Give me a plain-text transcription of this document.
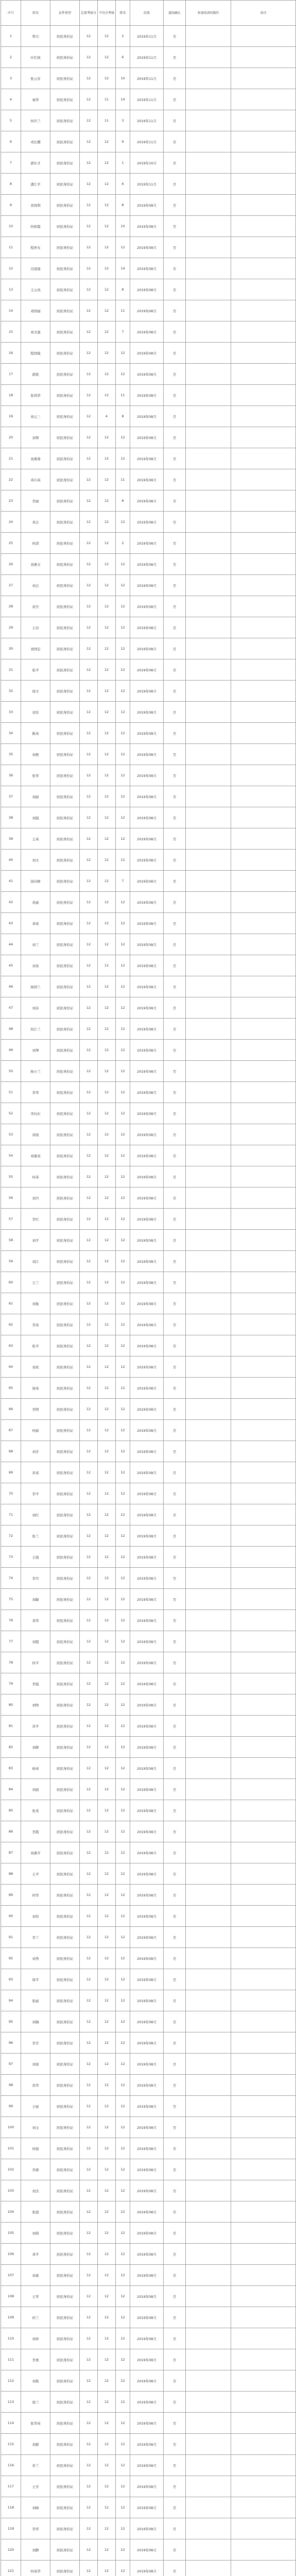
序号	姓名	证件类型	总量考核分	平均分考核	排名	结果	通知确认	参加培训的操作	备注
1	曾兴	居民身份证	12	12	2	2019年11月	否		
2	仕红坡	居民身份证	12	12	6	2019年11月	否		
3	张云安	居民身份证	12	12	10	2019年11月	否		
4	秦华	居民身份证	12	11	14	2019年11月	否		
5	何庆兰	居民身份证	12	11	3	2019年11月	否		
6	邓长樱	居民身份证	12	12	9	2019年11月	否		
7	郭仕才	居民身份证	12	12	1	2019年10月	否		
8	潘江平	居民身份证	12	12	6	2019年11月	否		
9	黄国利	居民身份证	12	12	8	2019年08月	否		
10	何炜霞	居民身份证	12	12	10	2019年08月	否		
11	程仲友	居民身份证	12	12	12	2019年08月	否		
12	冯凌强	居民身份证	12	12	14	2019年08月	否		
13	王云凤	居民身份证	12	12	8	2019年08月	否		
14	邓国丽	居民身份证	12	12	11	2019年08月	否		
15	刘文强	居民身份证	12	12	7	2019年08月	否		
16	程国强	居民身份证	12	12	12	2019年08月	否		
17	郭艳	居民身份证	12	12	12	2019年08月	否		
18	张利华	居民身份证	12	12	11	2019年08月	否		
19	刘元三	居民身份证	12	4	8	2019年08月	否		
20	刘翠	居民身份证	12	12	12	2019年08月	否		
21	刘燕蓉	居民身份证	12	12	12	2019年08月	否		
22	邓巧英	居民身份证	12	12	11	2019年08月	否		
23	李丽	居民身份证	12	12	8	2019年08月	否		
24	邓会	居民身份证	12	12	12	2019年08月	否		
25	何清	居民身份证	12	12	2	2019年08月	否		
26	刘燕文	居民身份证	12	12	12	2019年08月	否		
27	刘会	居民身份证	12	12	12	2019年08月	否		
28	黄丹	居民身份证	12	12	12	2019年08月	否		
29	王春	居民身份证	12	12	12	2019年08月	否		
30	刘国宏	居民身份证	12	12	12	2019年08月	否		
31	张平	居民身份证	12	12	12	2019年08月	否		
32	周文	居民身份证	12	12	12	2019年08月	否		
33	刘安	居民身份证	12	12	12	2019年08月	否		
34	陈英	居民身份证	12	12	12	2019年08月	否		
35	刘燕	居民身份证	12	12	12	2019年08月	否		
36	张华	居民身份证	12	12	12	2019年08月	否		
37	刘丽	居民身份证	12	12	12	2019年08月	否		
38	刘强	居民身份证	12	12	12	2019年08月	否		
39	王英	居民身份证	12	12	12	2019年08月	否		
40	刘文	居民身份证	12	12	12	2019年08月	否		
41	徐向辉	居民身份证	12	12	7	2019年08月	否		
42	黄丽	居民身份证	12	12	12	2019年08月	否		
43	邓英	居民身份证	12	12	12	2019年08月	否		
44	刘兰	居民身份证	12	12	12	2019年08月	否		
45	刘英	居民身份证	12	12	12	2019年08月	否		
46	杨国兰	居民身份证	12	12	12	2019年08月	否		
47	刘春	居民身份证	12	12	12	2019年08月	否		
48	何江兰	居民身份证	12	12	12	2019年08月	否		
49	刘琴	居民身份证	12	12	12	2019年08月	否		
50	杨小兰	居民身份证	12	12	12	2019年08月	否		
51	李华	居民身份证	12	12	12	2019年08月	否		
52	李向东	居民身份证	12	12	12	2019年08月	否		
53	黄晓	居民身份证	12	12	12	2019年08月	否		
54	刘燕英	居民身份证	12	12	12	2019年08月	否		
55	何英	居民身份证	12	12	12	2019年08月	否		
56	刘丹	居民身份证	12	12	12	2019年08月	否		
57	李红	居民身份证	12	12	12	2019年08月	否		
58	刘平	居民身份证	12	12	12	2019年08月	否		
59	刘江	居民身份证	12	12	12	2019年08月	否		
60	王兰	居民身份证	12	12	12	2019年08月	否		
61	刘俊	居民身份证	12	12	12	2019年08月	否		
62	李英	居民身份证	12	12	12	2019年08月	否		
63	张平	居民身份证	12	12	12	2019年08月	否		
64	刘凤	居民身份证	12	12	12	2019年08月	否		
65	周英	居民身份证	12	12	12	2019年08月	否		
66	李明	居民身份证	12	12	12	2019年08月	否		
67	何丽	居民身份证	12	12	12	2019年08月	否		
68	刘芳	居民身份证	12	12	12	2019年08月	否		
69	黄英	居民身份证	12	12	12	2019年08月	否		
70	李平	居民身份证	12	12	12	2019年08月	否		
71	刘红	居民身份证	12	12	12	2019年08月	否		
72	张兰	居民身份证	12	12	12	2019年08月	否		
73	王强	居民身份证	12	12	12	2019年08月	否		
74	李丹	居民身份证	12	12	12	2019年08月	否		
75	刘敏	居民身份证	12	12	12	2019年08月	否		
76	邓华	居民身份证	12	12	12	2019年08月	否		
77	刘霞	居民身份证	12	12	12	2019年08月	否		
78	何平	居民身份证	12	12	12	2019年08月	否		
79	李强	居民身份证	12	12	12	2019年08月	否		
80	刘明	居民身份证	12	12	12	2019年08月	否		
81	黄平	居民身份证	12	12	12	2019年08月	否		
82	刘辉	居民身份证	12	12	12	2019年08月	否		
83	杨英	居民身份证	12	12	12	2019年08月	否		
84	刘娟	居民身份证	12	12	12	2019年08月	否		
85	张英	居民身份证	12	12	12	2019年08月	否		
86	李霞	居民身份证	12	12	12	2019年08月	否		
87	刘燕平	居民身份证	12	12	12	2019年08月	否		
88	王平	居民身份证	12	12	12	2019年08月	否		
89	何华	居民身份证	12	12	12	2019年08月	否		
90	刘伟	居民身份证	12	12	12	2019年08月	否		
91	李兰	居民身份证	12	12	12	2019年08月	否		
92	刘秀	居民身份证	12	12	12	2019年08月	否		
93	周平	居民身份证	12	12	12	2019年08月	否		
94	张丽	居民身份证	12	12	12	2019年08月	否		
95	刘梅	居民身份证	12	12	12	2019年08月	否		
96	李芳	居民身份证	12	12	12	2019年08月	否		
97	刘琼	居民身份证	12	12	12	2019年08月	否		
98	黄华	居民身份证	12	12	12	2019年08月	否		
99	王丽	居民身份证	12	12	12	2019年08月	否		
100	刘玉	居民身份证	12	12	12	2019年08月	否		
101	何强	居民身份证	12	12	12	2019年08月	否		
102	李燕	居民身份证	12	12	12	2019年08月	否		
103	刘杰	居民身份证	12	12	12	2019年08月	否		
104	张强	居民身份证	12	12	12	2019年08月	否		
105	刘莉	居民身份证	12	12	12	2019年08月	否		
106	邓平	居民身份证	12	12	12	2019年08月	否		
107	刘勇	居民身份证	12	12	12	2019年08月	否		
108	王华	居民身份证	12	12	12	2019年08月	否		
109	何兰	居民身份证	12	12	12	2019年08月	否		
110	刘珍	居民身份证	12	12	12	2019年08月	否		
111	李勇	居民身份证	12	12	12	2019年08月	否		
112	刘艳	居民身份证	12	12	12	2019年08月	否		
113	周兰	居民身份证	12	12	12	2019年08月	否		
114	张华英	居民身份证	12	12	12	2019年08月	否		
115	刘群	居民身份证	12	12	12	2019年08月	否		
116	黄兰	居民身份证	12	12	12	2019年08月	否		
117	王芳	居民身份证	12	12	12	2019年08月	否		
118	刘峰	居民身份证	12	12	12	2019年08月	否		
119	李萍	居民身份证	12	12	12	2019年08月	否		
120	刘静	居民身份证	12	12	12	2019年08月	否		
121	何英华	居民身份证	12	12	12	2019年08月	否		
